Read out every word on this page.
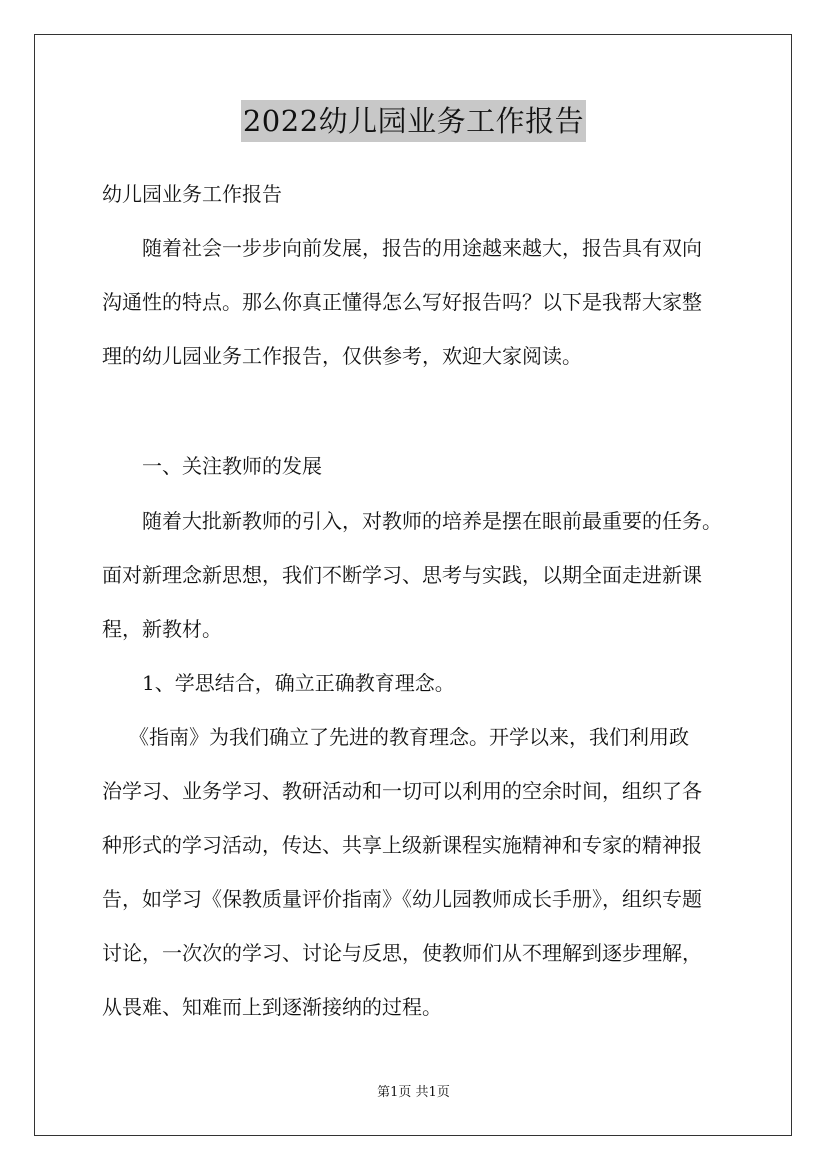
2022幼儿园业务工作报告
幼儿园业务工作报告
随着社会一步步向前发展，报告的用途越来越大，报告具有双向
沟通性的特点。那么你真正懂得怎么写好报告吗？以下是我帮大家整
理的幼儿园业务工作报告，仅供参考，欢迎大家阅读。
一、关注教师的发展
随着大批新教师的引入，对教师的培养是摆在眼前最重要的任务。
面对新理念新思想，我们不断学习、思考与实践，以期全面走进新课
程，新教材。
1、学思结合，确立正确教育理念。
《指南》为我们确立了先进的教育理念。开学以来，我们利用政
治学习、业务学习、教研活动和一切可以利用的空余时间，组织了各
种形式的学习活动，传达、共享上级新课程实施精神和专家的精神报
告，如学习《保教质量评价指南》《幼儿园教师成长手册》，组织专题
讨论，一次次的学习、讨论与反思，使教师们从不理解到逐步理解，
从畏难、知难而上到逐渐接纳的过程。
第1页 共1页
